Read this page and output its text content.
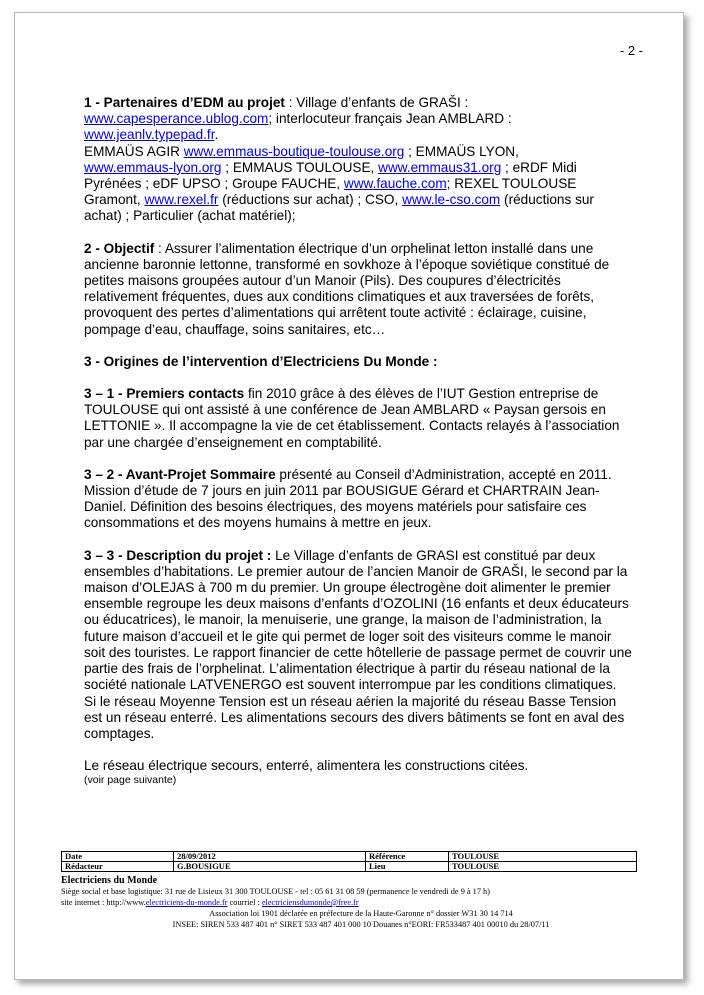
- 2 -

1 - Partenaires d’EDM au projet : Village d’enfants de GRAŠI :
www.capesperance.ublog.com; interlocuteur français Jean AMBLARD :
www.jeanlv.typepad.fr.
EMMAÜS AGIR www.emmaus-boutique-toulouse.org ; EMMAÜS LYON,
www.emmaus-lyon.org ; EMMAUS TOULOUSE, www.emmaus31.org ; eRDF Midi Pyrénées ; eDF UPSO ; Groupe FAUCHE, www.fauche.com; REXEL TOULOUSE Gramont, www.rexel.fr (réductions sur achat) ; CSO, www.le-cso.com (réductions sur achat) ; Particulier (achat matériel);

2 - Objectif : Assurer l’alimentation électrique d’un orphelinat letton installé dans une ancienne baronnie lettonne, transformé en sovkhoze à l’époque soviétique constitué de petites maisons groupées autour d’un Manoir (Pils). Des coupures d’électricités relativement fréquentes, dues aux conditions climatiques et aux traversées de forêts, provoquent des pertes d’alimentations qui arrêtent toute activité : éclairage, cuisine, pompage d’eau, chauffage, soins sanitaires, etc…

3 - Origines de l’intervention d’Electriciens Du Monde :

3 – 1 - Premiers contacts fin 2010 grâce à des élèves de l’IUT Gestion entreprise de TOULOUSE qui ont assisté à une conférence de Jean AMBLARD « Paysan gersois en LETTONIE ». Il accompagne la vie de cet établissement. Contacts relayés à l’association par une chargée d’enseignement en comptabilité.

3 – 2 - Avant-Projet Sommaire présenté au Conseil d’Administration, accepté en 2011.

Mission d’étude de 7 jours en juin 2011 par BOUSIGUE Gérard et CHARTRAIN Jean-Daniel. Définition des besoins électriques, des moyens matériels pour satisfaire ces consommations et des moyens humains à mettre en jeux.

3 – 3 - Description du projet : Le Village d’enfants de GRASI est constitué par deux ensembles d’habitations. Le premier autour de l’ancien Manoir de GRAŠI, le second par la maison d’OLEJAS à 700 m du premier. Un groupe électrogène doit alimenter le premier ensemble regroupe les deux maisons d’enfants d’OZOLINI (16 enfants et deux éducateurs ou éducatrices), le manoir, la menuiserie, une grange, la maison de l’administration, la future maison d’accueil et le gite qui permet de loger soit des visiteurs comme le manoir soit des touristes. Le rapport financier de cette hôtellerie de passage permet de couvrir une partie des frais de l’orphelinat. L’alimentation électrique à partir du réseau national de la société nationale LATVENERGO est souvent interrompue par les conditions climatiques. Si le réseau Moyenne Tension est un réseau aérien la majorité du réseau Basse Tension est un réseau enterré. Les alimentations secours des divers bâtiments se font en aval des comptages.

Le réseau électrique secours, enterré, alimentera les constructions citées.

(voir page suivante)

Date	28/09/2012	Référence	TOULOUSE
Rédacteur	G.BOUSIGUE	Lieu	TOULOUSE
Electriciens du Monde
Siège social et base logistique: 31 rue de Lisieux 31 300 TOULOUSE - tel : 05 61 31 08 59 (permanence le vendredi de 9 à 17 h)
site internet : http://www.electriciens-du-monde.fr courriel : electriciensdumonde@free.fr
Association loi 1901 déclarée en préfecture de la Haute-Garonne n° dossier W31 30 14 714
INSEE: SIREN 533 487 401 n° SIRET 533 487 401 000 10 Douanes n°EORI: FR533487 401 00010 du 28/07/11
